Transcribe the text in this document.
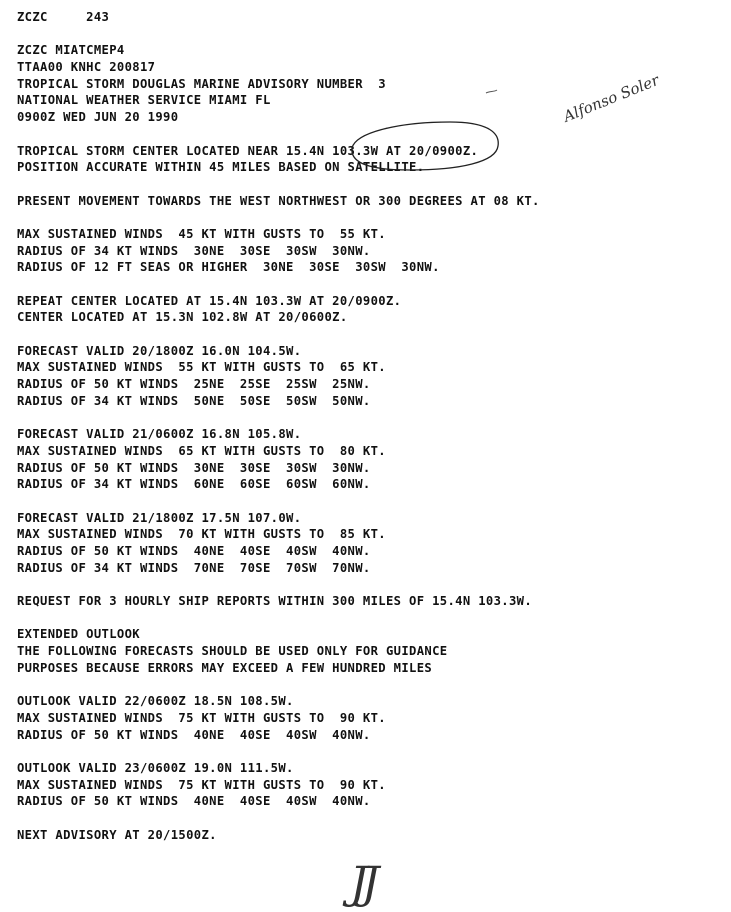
ZCZC     243
ZCZC MIATCMEP4
TTAA00 KNHC 200817
TROPICAL STORM DOUGLAS MARINE ADVISORY NUMBER  3
NATIONAL WEATHER SERVICE MIAMI FL
0900Z WED JUN 20 1990
TROPICAL STORM CENTER LOCATED NEAR 15.4N 103.3W AT 20/0900Z.
POSITION ACCURATE WITHIN 45 MILES BASED ON SATELLITE.
PRESENT MOVEMENT TOWARDS THE WEST NORTHWEST OR 300 DEGREES AT 08 KT.
MAX SUSTAINED WINDS  45 KT WITH GUSTS TO  55 KT.
RADIUS OF 34 KT WINDS  30NE  30SE  30SW  30NW.
RADIUS OF 12 FT SEAS OR HIGHER  30NE  30SE  30SW  30NW.
REPEAT CENTER LOCATED AT 15.4N 103.3W AT 20/0900Z.
CENTER LOCATED AT 15.3N 102.8W AT 20/0600Z.
FORECAST VALID 20/1800Z 16.0N 104.5W.
MAX SUSTAINED WINDS  55 KT WITH GUSTS TO  65 KT.
RADIUS OF 50 KT WINDS  25NE  25SE  25SW  25NW.
RADIUS OF 34 KT WINDS  50NE  50SE  50SW  50NW.
FORECAST VALID 21/0600Z 16.8N 105.8W.
MAX SUSTAINED WINDS  65 KT WITH GUSTS TO  80 KT.
RADIUS OF 50 KT WINDS  30NE  30SE  30SW  30NW.
RADIUS OF 34 KT WINDS  60NE  60SE  60SW  60NW.
FORECAST VALID 21/1800Z 17.5N 107.0W.
MAX SUSTAINED WINDS  70 KT WITH GUSTS TO  85 KT.
RADIUS OF 50 KT WINDS  40NE  40SE  40SW  40NW.
RADIUS OF 34 KT WINDS  70NE  70SE  70SW  70NW.
REQUEST FOR 3 HOURLY SHIP REPORTS WITHIN 300 MILES OF 15.4N 103.3W.
EXTENDED OUTLOOK
THE FOLLOWING FORECASTS SHOULD BE USED ONLY FOR GUIDANCE
PURPOSES BECAUSE ERRORS MAY EXCEED A FEW HUNDRED MILES
OUTLOOK VALID 22/0600Z 18.5N 108.5W.
MAX SUSTAINED WINDS  75 KT WITH GUSTS TO  90 KT.
RADIUS OF 50 KT WINDS  40NE  40SE  40SW  40NW.
OUTLOOK VALID 23/0600Z 19.0N 111.5W.
MAX SUSTAINED WINDS  75 KT WITH GUSTS TO  90 KT.
RADIUS OF 50 KT WINDS  40NE  40SE  40SW  40NW.
NEXT ADVISORY AT 20/1500Z.
Alfonso Soler
JJ
